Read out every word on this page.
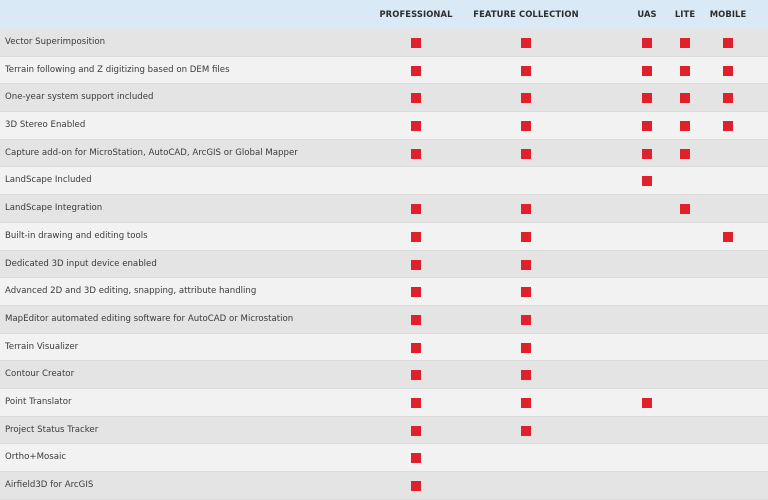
PROFESSIONAL FEATURE COLLECTION	UAS LITE MOBILE
Vector Superimposition
Terrain following and Z digitizing based on DEM files
One-year system support included
3D Stereo Enabled
Capture add-on for MicroStation, AutoCAD, ArcGIS or Global Mapper
LandScape Included
LandScape Integration
Built-in drawing and editing tools
Dedicated 3D input device enabled
Advanced 2D and 3D editing, snapping, attribute handling
MapEditor automated editing software for AutoCAD or Microstation
Terrain Visualizer
Contour Creator
Point Translator
Project Status Tracker
Ortho+Mosaic
Airfield3D for ArcGIS
